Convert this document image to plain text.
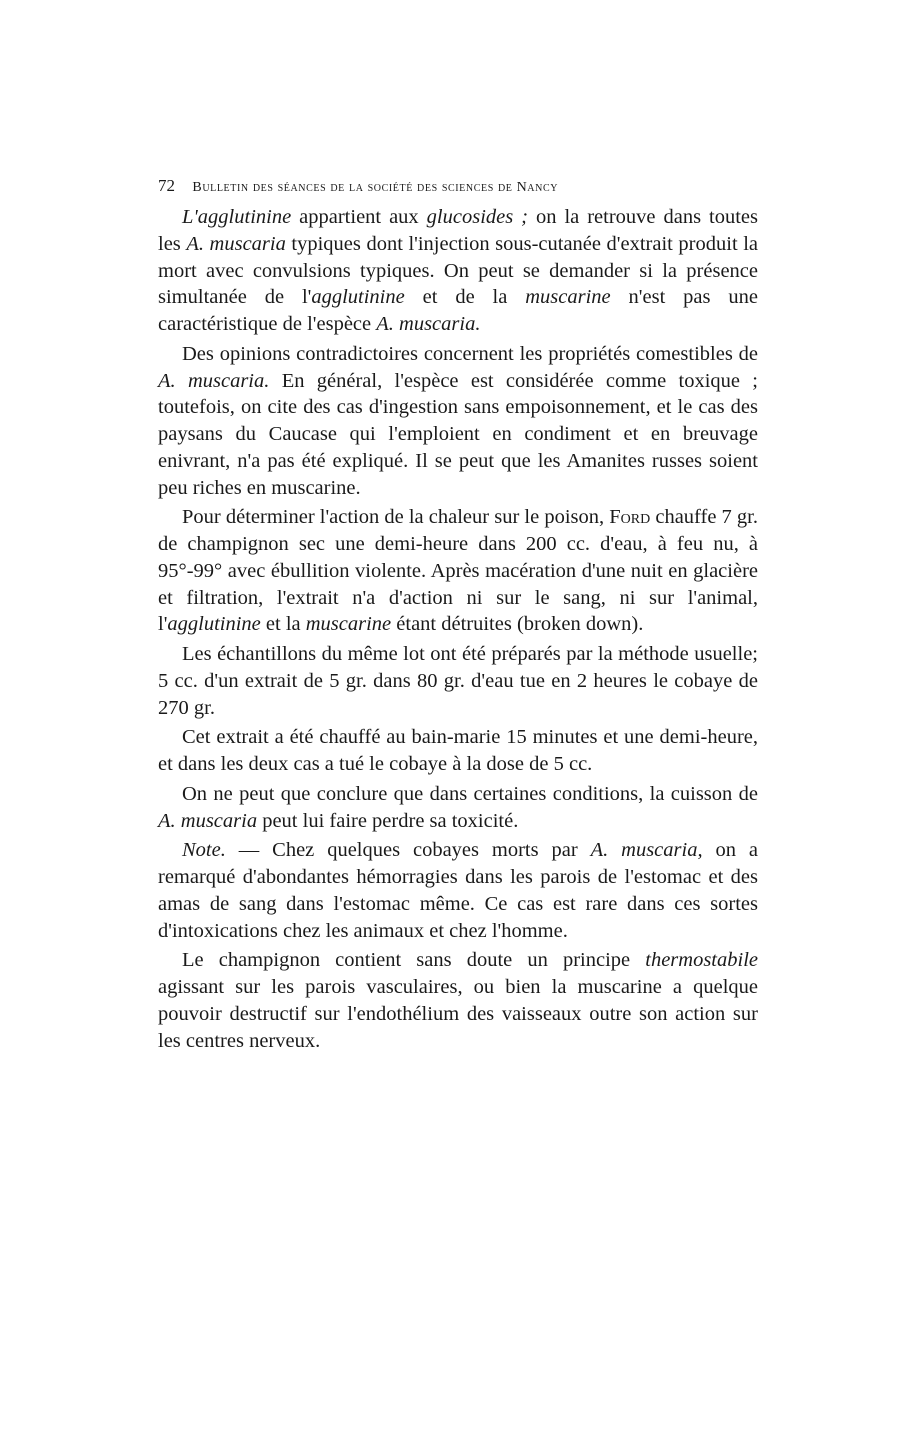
72 Bulletin des séances de la société des sciences de Nancy

L'agglutinine appartient aux glucosides ; on la retrouve dans toutes les A. muscaria typiques dont l'injection sous-cutanée d'extrait produit la mort avec convulsions typiques. On peut se demander si la présence simultanée de l'agglutinine et de la muscarine n'est pas une caractéristique de l'espèce A. muscaria.

Des opinions contradictoires concernent les propriétés comestibles de A. muscaria. En général, l'espèce est considérée comme toxique ; toutefois, on cite des cas d'ingestion sans empoisonnement, et le cas des paysans du Caucase qui l'emploient en condiment et en breuvage enivrant, n'a pas été expliqué. Il se peut que les Amanites russes soient peu riches en muscarine.

Pour déterminer l'action de la chaleur sur le poison, Ford chauffe 7 gr. de champignon sec une demi-heure dans 200 cc. d'eau, à feu nu, à 95°-99° avec ébullition violente. Après macération d'une nuit en glacière et filtration, l'extrait n'a d'action ni sur le sang, ni sur l'animal, l'agglutinine et la muscarine étant détruites (broken down).

Les échantillons du même lot ont été préparés par la méthode usuelle; 5 cc. d'un extrait de 5 gr. dans 80 gr. d'eau tue en 2 heures le cobaye de 270 gr.

Cet extrait a été chauffé au bain-marie 15 minutes et une demi-heure, et dans les deux cas a tué le cobaye à la dose de 5 cc.

On ne peut que conclure que dans certaines conditions, la cuisson de A. muscaria peut lui faire perdre sa toxicité.

Note. — Chez quelques cobayes morts par A. muscaria, on a remarqué d'abondantes hémorragies dans les parois de l'estomac et des amas de sang dans l'estomac même. Ce cas est rare dans ces sortes d'intoxications chez les animaux et chez l'homme.

Le champignon contient sans doute un principe thermostabile agissant sur les parois vasculaires, ou bien la muscarine a quelque pouvoir destructif sur l'endothélium des vaisseaux outre son action sur les centres nerveux.
